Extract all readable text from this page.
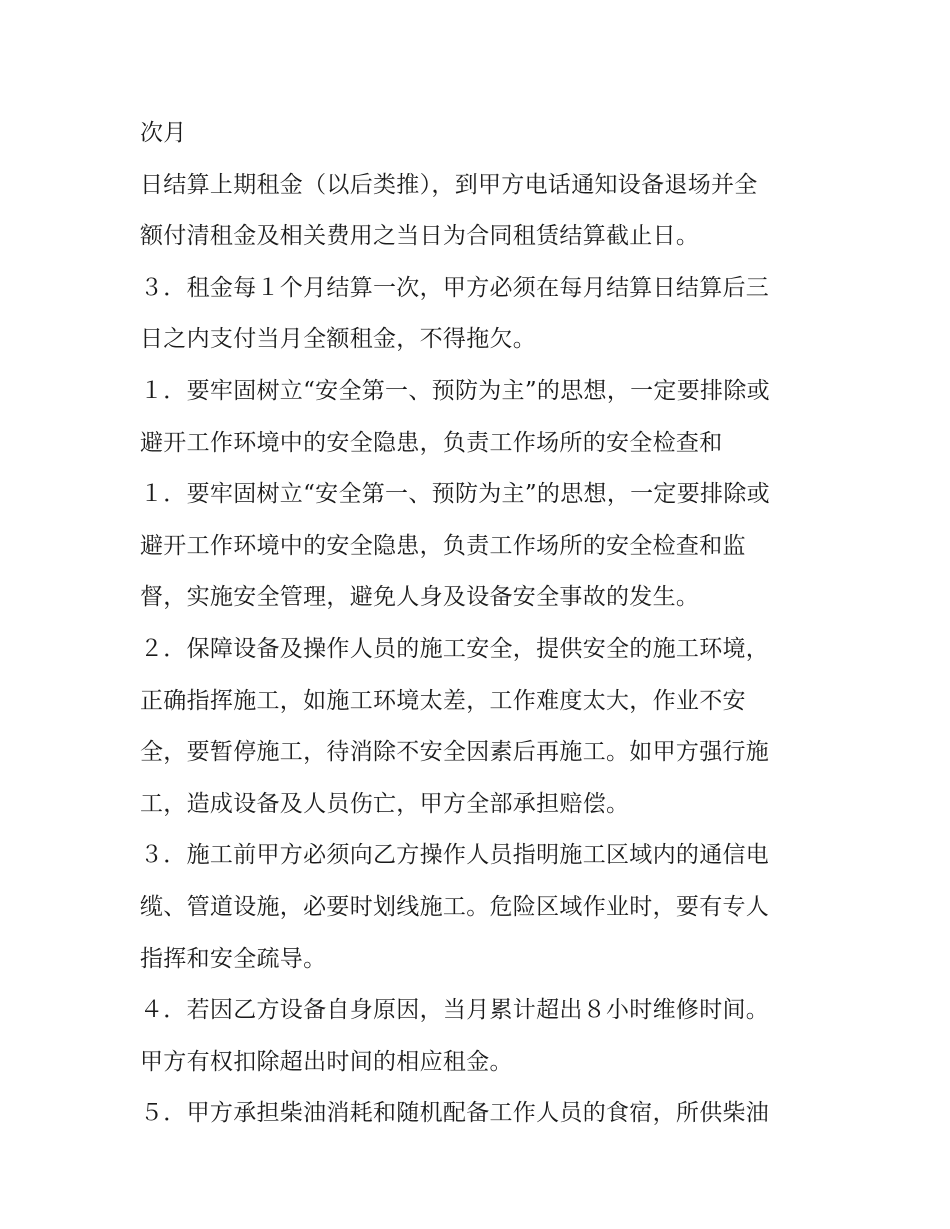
次月
日结算上期租金（以后类推），到甲方电话通知设备退场并全
额付清租金及相关费用之当日为合同租赁结算截止日。
３．租金每１个月结算一次，甲方必须在每月结算日结算后三
日之内支付当月全额租金，不得拖欠。
１．要牢固树立“安全第一、预防为主”的思想，一定要排除或
避开工作环境中的安全隐患，负责工作场所的安全检查和
１．要牢固树立“安全第一、预防为主”的思想，一定要排除或
避开工作环境中的安全隐患，负责工作场所的安全检查和监
督，实施安全管理，避免人身及设备安全事故的发生。
２．保障设备及操作人员的施工安全，提供安全的施工环境，
正确指挥施工，如施工环境太差，工作难度太大，作业不安
全，要暂停施工，待消除不安全因素后再施工。如甲方强行施
工，造成设备及人员伤亡，甲方全部承担赔偿。
３．施工前甲方必须向乙方操作人员指明施工区域内的通信电
缆、管道设施，必要时划线施工。危险区域作业时，要有专人
指挥和安全疏导。
４．若因乙方设备自身原因，当月累计超出８小时维修时间。
甲方有权扣除超出时间的相应租金。
５．甲方承担柴油消耗和随机配备工作人员的食宿，所供柴油
